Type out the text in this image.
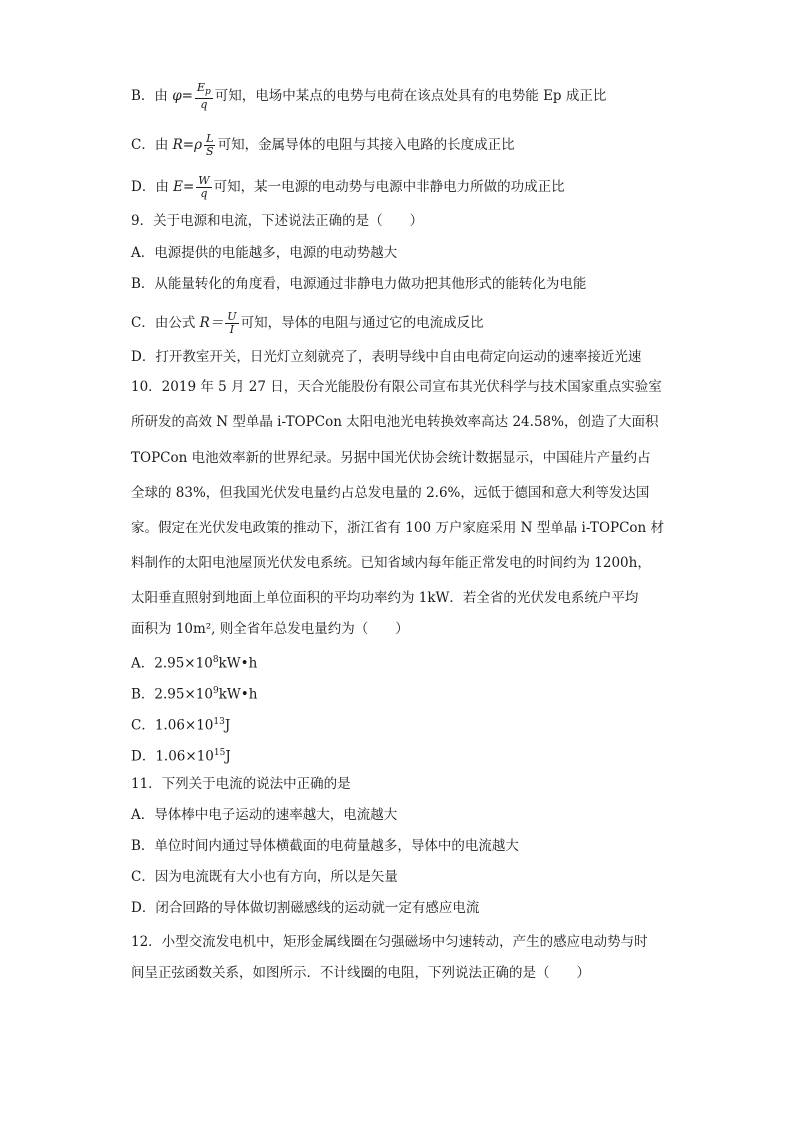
B．由 $\varphi= \frac{E_p}{q}$ 可知，电场中某点的电势与电荷在该点处具有的电势能 Ep 成正比
C．由 $R=\rho \frac{L}{S}$ 可知，金属导体的电阻与其接入电路的长度成正比
D．由 $E= \frac{W}{q}$ 可知，某一电源的电动势与电源中非静电力所做的功成正比
9．关于电源和电流，下述说法正确的是（　　）
A．电源提供的电能越多，电源的电动势越大
B．从能量转化的角度看，电源通过非静电力做功把其他形式的能转化为电能
C．由公式 $R= \frac{U}{I}$ 可知，导体的电阻与通过它的电流成反比
D．打开教室开关，日光灯立刻就亮了，表明导线中自由电荷定向运动的速率接近光速
10．2019 年 5 月 27 日，天合光能股份有限公司宣布其光伏科学与技术国家重点实验室
所研发的高效 N 型单晶 i-TOPCon 太阳电池光电转换效率高达 24.58%，创造了大面积
TOPCon 电池效率新的世界纪录。另据中国光伏协会统计数据显示，中国硅片产量约占
全球的 83%，但我国光伏发电量约占总发电量的 2.6%，远低于德国和意大利等发达国
家。假定在光伏发电政策的推动下，浙江省有 100 万户家庭采用 N 型单晶 i-TOPCon 材
料制作的太阳电池屋顶光伏发电系统。已知省域内每年能正常发电的时间约为 1200h，
太阳垂直照射到地面上单位面积的平均功率约为 1kW．若全省的光伏发电系统户平均
面积为 10m², 则全省年总发电量约为（　　）
A．$2.95\times 10^8kW•h$
B．$2.95\times 10^9kW•h$
C．$1.06\times 10^{13}J$
D．$1.06\times 10^{15}J$
11．下列关于电流的说法中正确的是
A．导体棒中电子运动的速率越大，电流越大
B．单位时间内通过导体横截面的电荷量越多，导体中的电流越大
C．因为电流既有大小也有方向，所以是矢量
D．闭合回路的导体做切割磁感线的运动就一定有感应电流
12．小型交流发电机中，矩形金属线圈在匀强磁场中匀速转动，产生的感应电动势与时
间呈正弦函数关系，如图所示．不计线圈的电阻，下列说法正确的是（　　）
